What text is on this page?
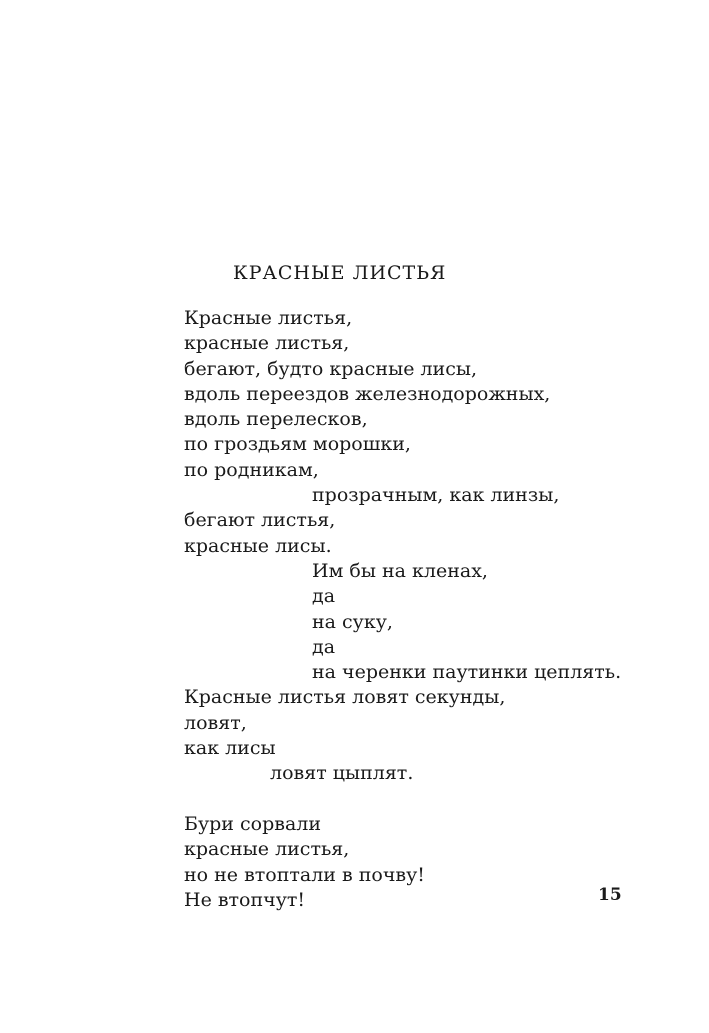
КРАСНЫЕ ЛИСТЬЯ
Красные листья,
красные листья,
бегают, будто красные лисы,
вдоль переездов железнодорожных,
вдоль перелесков,
по гроздьям морошки,
по родникам,
прозрачным, как линзы,
бегают листья,
красные лисы.
Им бы на кленах,
да
на суку,
да
на черенки паутинки цеплять.
Красные листья ловят секунды,
ловят,
как лисы
ловят цыплят.
Бури сорвали
красные листья,
но не втоптали в почву!
Не втопчут!	15
